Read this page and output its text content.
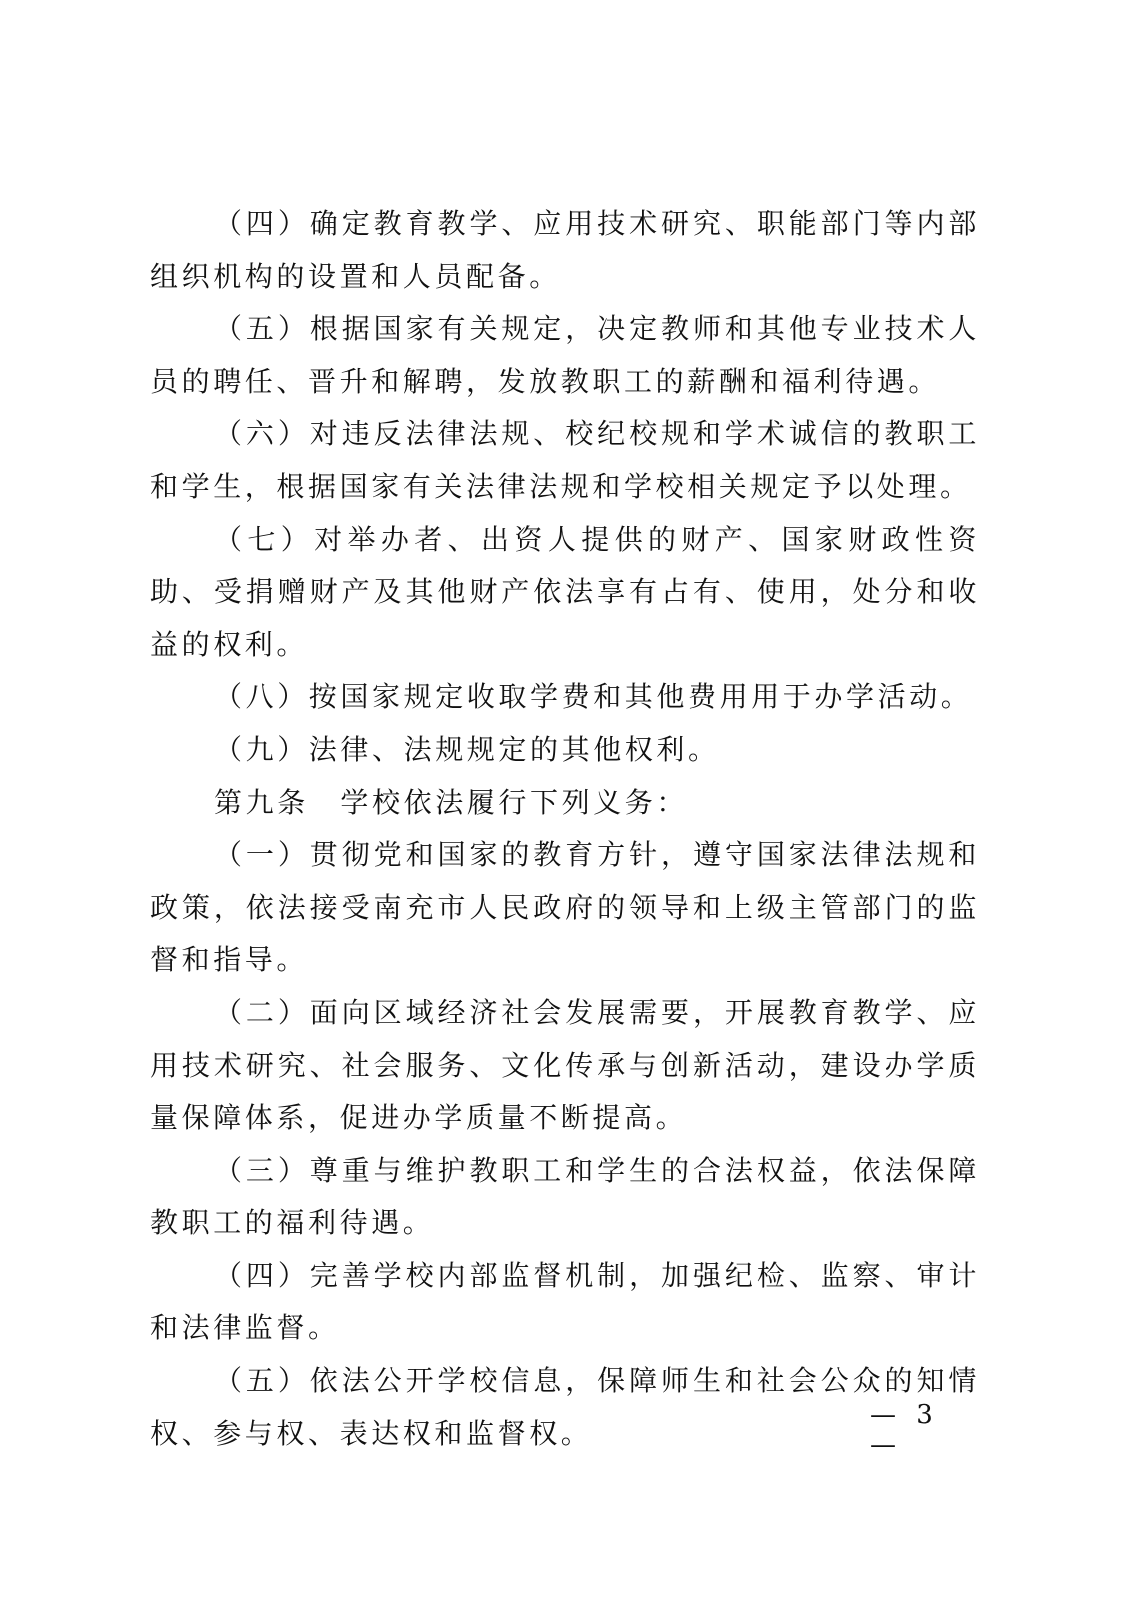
（四）确定教育教学、应用技术研究、职能部门等内部组织机构的设置和人员配备。

（五）根据国家有关规定，决定教师和其他专业技术人员的聘任、晋升和解聘，发放教职工的薪酬和福利待遇。

（六）对违反法律法规、校纪校规和学术诚信的教职工和学生，根据国家有关法律法规和学校相关规定予以处理。

（七）对举办者、出资人提供的财产、国家财政性资助、受捐赠财产及其他财产依法享有占有、使用，处分和收益的权利。

（八）按国家规定收取学费和其他费用用于办学活动。

（九）法律、法规规定的其他权利。

第九条　学校依法履行下列义务：

（一）贯彻党和国家的教育方针，遵守国家法律法规和政策，依法接受南充市人民政府的领导和上级主管部门的监督和指导。

（二）面向区域经济社会发展需要，开展教育教学、应用技术研究、社会服务、文化传承与创新活动，建设办学质量保障体系，促进办学质量不断提高。

（三）尊重与维护教职工和学生的合法权益，依法保障教职工的福利待遇。

（四）完善学校内部监督机制，加强纪检、监察、审计和法律监督。

（五）依法公开学校信息，保障师生和社会公众的知情权、参与权、表达权和监督权。

— 3 —
